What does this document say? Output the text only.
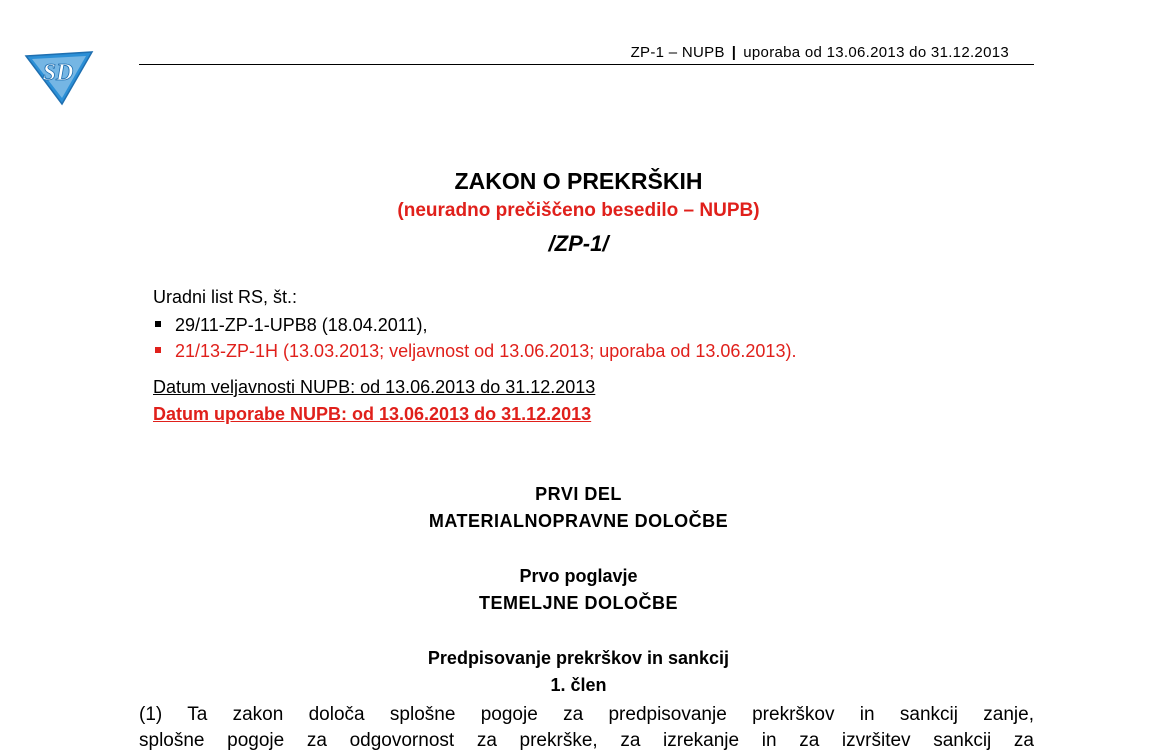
SD
ZP-1 – NUPB | uporaba od 13.06.2013 do 31.12.2013
ZAKON O PREKRŠKIH
(neuradno prečiščeno besedilo – NUPB)
/ZP-1/
Uradni list RS, št.:
29/11-ZP-1-UPB8 (18.04.2011),
21/13-ZP-1H (13.03.2013; veljavnost od 13.06.2013; uporaba od 13.06.2013).
Datum veljavnosti NUPB: od 13.06.2013 do 31.12.2013
Datum uporabe NUPB: od 13.06.2013 do 31.12.2013
PRVI DEL
MATERIALNOPRAVNE DOLOČBE
Prvo poglavje
TEMELJNE DOLOČBE
Predpisovanje prekrškov in sankcij
1. člen
(1) Ta zakon določa splošne pogoje za predpisovanje prekrškov in sankcij zanje,
splošne pogoje za odgovornost za prekrške, za izrekanje in za izvršitev sankcij za
